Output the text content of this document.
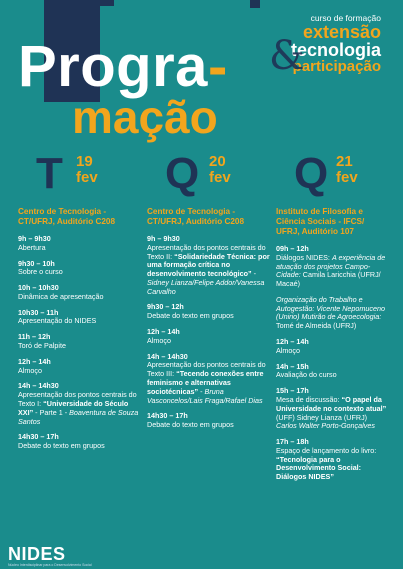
Progra-
mação
&
curso de formação
extensão
tecnologia
participação
T 19
fev
Centro de Tecnologia - CT/UFRJ, Auditório C208
9h – 9h30
Abertura
9h30 – 10h
Sobre o curso
10h – 10h30
Dinâmica de apresentação
10h30 – 11h
Apresentação do NIDES
11h – 12h
Toró de Palpite
12h – 14h
Almoço
14h – 14h30
Apresentação dos pontos centrais do Texto I: “Universidade do Século XXI” - Parte 1 - Boaventura de Souza Santos
14h30 – 17h
Debate do texto em grupos
Q 20
fev
Centro de Tecnologia - CT/UFRJ, Auditório C208
9h – 9h30
Apresentação dos pontos centrais do Texto II: “Solidariedade Técnica: por uma formação crítica no desenvolvimento tecnológico” - Sidney Lianza/Felipe Addor/Vanessa Carvalho
9h30 – 12h
Debate do texto em grupos
12h – 14h
Almoço
14h – 14h30
Apresentação dos pontos centrais do Texto III: “Tecendo conexões entre feminismo e alternativas sociotécnicas” - Bruna Vasconcelos/Lais Fraga/Rafael Dias
14h30 – 17h
Debate do texto em grupos
Q 21
fev
Instituto de Filosofia e Ciência Sociais - IFCS/ UFRJ, Auditório 107
09h – 12h
Diálogos NIDES: A experiência de atuação dos projetos Campo-Cidade: Camila Laricchia (UFRJ/ Macaé)
Organização do Trabalho e Autogestão: Vicente Nepomuceno (Unirio) Mutirão de Agroecologia: Tomé de Almeida (UFRJ)
12h – 14h
Almoço
14h – 15h
Avaliação do curso
15h – 17h
Mesa de discussão: “O papel da Universidade no contexto atual” (UFF) Sidney Lianza (UFRJ) Carlos Walter Porto-Gonçalves
17h – 18h
Espaço de lançamento do livro: “Tecnologia para o Desenvolvimento Social: Diálogos NIDES”
NIDES
Núcleo Interdisciplinar para o Desenvolvimento Social
